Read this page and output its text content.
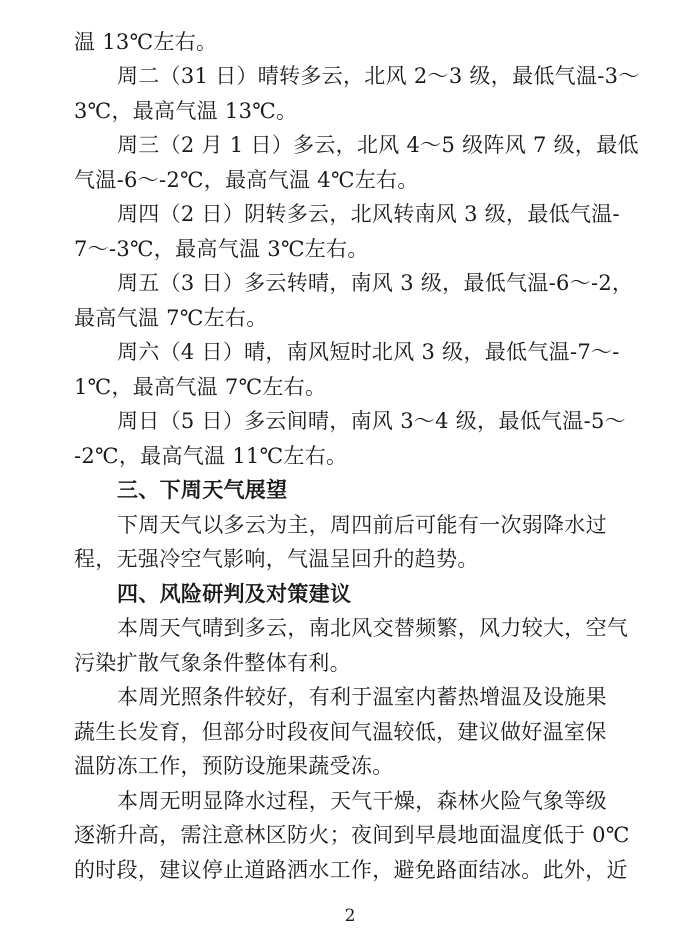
温 13℃左右。
周二（31 日）晴转多云，北风 2～3 级，最低气温-3～
3℃，最高气温 13℃。
周三（2 月 1 日）多云，北风 4～5 级阵风 7 级，最低
气温-6～-2℃，最高气温 4℃左右。
周四（2 日）阴转多云，北风转南风 3 级，最低气温-
7～-3℃，最高气温 3℃左右。
周五（3 日）多云转晴，南风 3 级，最低气温-6～-2，
最高气温 7℃左右。
周六（4 日）晴，南风短时北风 3 级，最低气温-7～-
1℃，最高气温 7℃左右。
周日（5 日）多云间晴，南风 3～4 级，最低气温-5～
-2℃，最高气温 11℃左右。
三、下周天气展望
下周天气以多云为主，周四前后可能有一次弱降水过
程，无强冷空气影响，气温呈回升的趋势。
四、风险研判及对策建议
本周天气晴到多云，南北风交替频繁，风力较大，空气
污染扩散气象条件整体有利。
本周光照条件较好，有利于温室内蓄热增温及设施果
蔬生长发育，但部分时段夜间气温较低，建议做好温室保
温防冻工作，预防设施果蔬受冻。
本周无明显降水过程，天气干燥，森林火险气象等级
逐渐升高，需注意林区防火；夜间到早晨地面温度低于 0℃
的时段，建议停止道路洒水工作，避免路面结冰。此外，近
2
